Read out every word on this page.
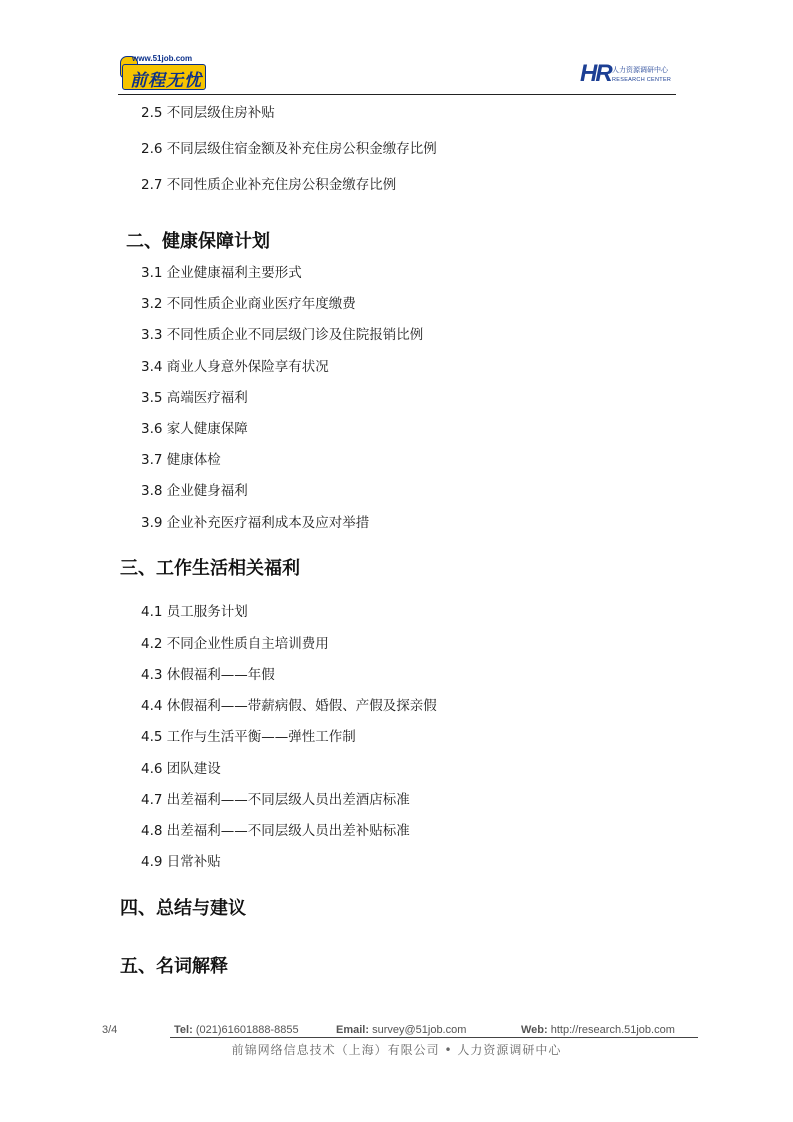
www.51job.com
前程无忧	HR 人力资源调研中心
RESEARCH CENTER
2.5 不同层级住房补贴
2.6 不同层级住宿金额及补充住房公积金缴存比例
2.7 不同性质企业补充住房公积金缴存比例
二、健康保障计划
3.1 企业健康福利主要形式
3.2 不同性质企业商业医疗年度缴费
3.3 不同性质企业不同层级门诊及住院报销比例
3.4 商业人身意外保险享有状况
3.5 高端医疗福利
3.6 家人健康保障
3.7 健康体检
3.8 企业健身福利
3.9 企业补充医疗福利成本及应对举措
三、工作生活相关福利
4.1 员工服务计划
4.2 不同企业性质自主培训费用
4.3 休假福利——年假
4.4 休假福利——带薪病假、婚假、产假及探亲假
4.5 工作与生活平衡——弹性工作制
4.6 团队建设
4.7 出差福利——不同层级人员出差酒店标准
4.8 出差福利——不同层级人员出差补贴标准
4.9 日常补贴
四、总结与建议
五、名词解释
3/4	Tel: (021)61601888-8855	Email: survey@51job.com	Web: http://research.51job.com
前锦网络信息技术（上海）有限公司 • 人力资源调研中心
